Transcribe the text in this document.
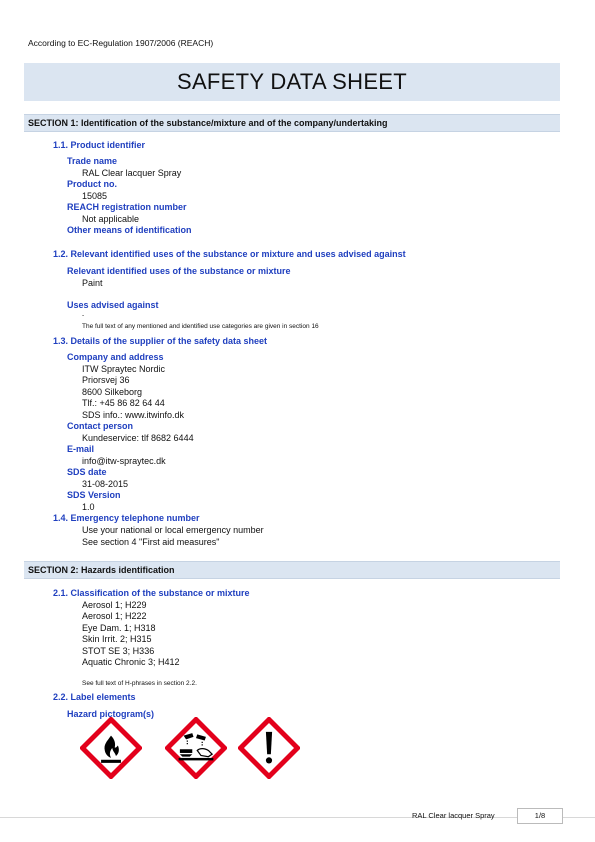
According to EC-Regulation 1907/2006 (REACH)
SAFETY DATA SHEET
SECTION 1: Identification of the substance/mixture and of the company/undertaking
1.1. Product identifier
Trade name
RAL Clear lacquer Spray
Product no.
15085
REACH registration number
Not applicable
Other means of identification
1.2. Relevant identified uses of the substance or mixture and uses advised against
Relevant identified uses of the substance or mixture
Paint
Uses advised against
-
The full text of any mentioned and identified use categories are given in section 16
1.3. Details of the supplier of the safety data sheet
Company and address
ITW Spraytec Nordic
Priorsvej 36
8600 Silkeborg
Tlf.: +45 86 82 64 44
SDS info.: www.itwinfo.dk
Contact person
Kundeservice: tlf 8682 6444
E-mail
info@itw-spraytec.dk
SDS date
31-08-2015
SDS Version
1.0
1.4. Emergency telephone number
Use your national or local emergency number
See section 4 "First aid measures"
SECTION 2: Hazards identification
2.1. Classification of the substance or mixture
Aerosol 1; H229
Aerosol 1; H222
Eye Dam. 1; H318
Skin Irrit. 2; H315
STOT SE 3; H336
Aquatic Chronic 3; H412
See full text of H-phrases in section 2.2.
2.2. Label elements
Hazard pictogram(s)
RAL Clear lacquer Spray	1/8
